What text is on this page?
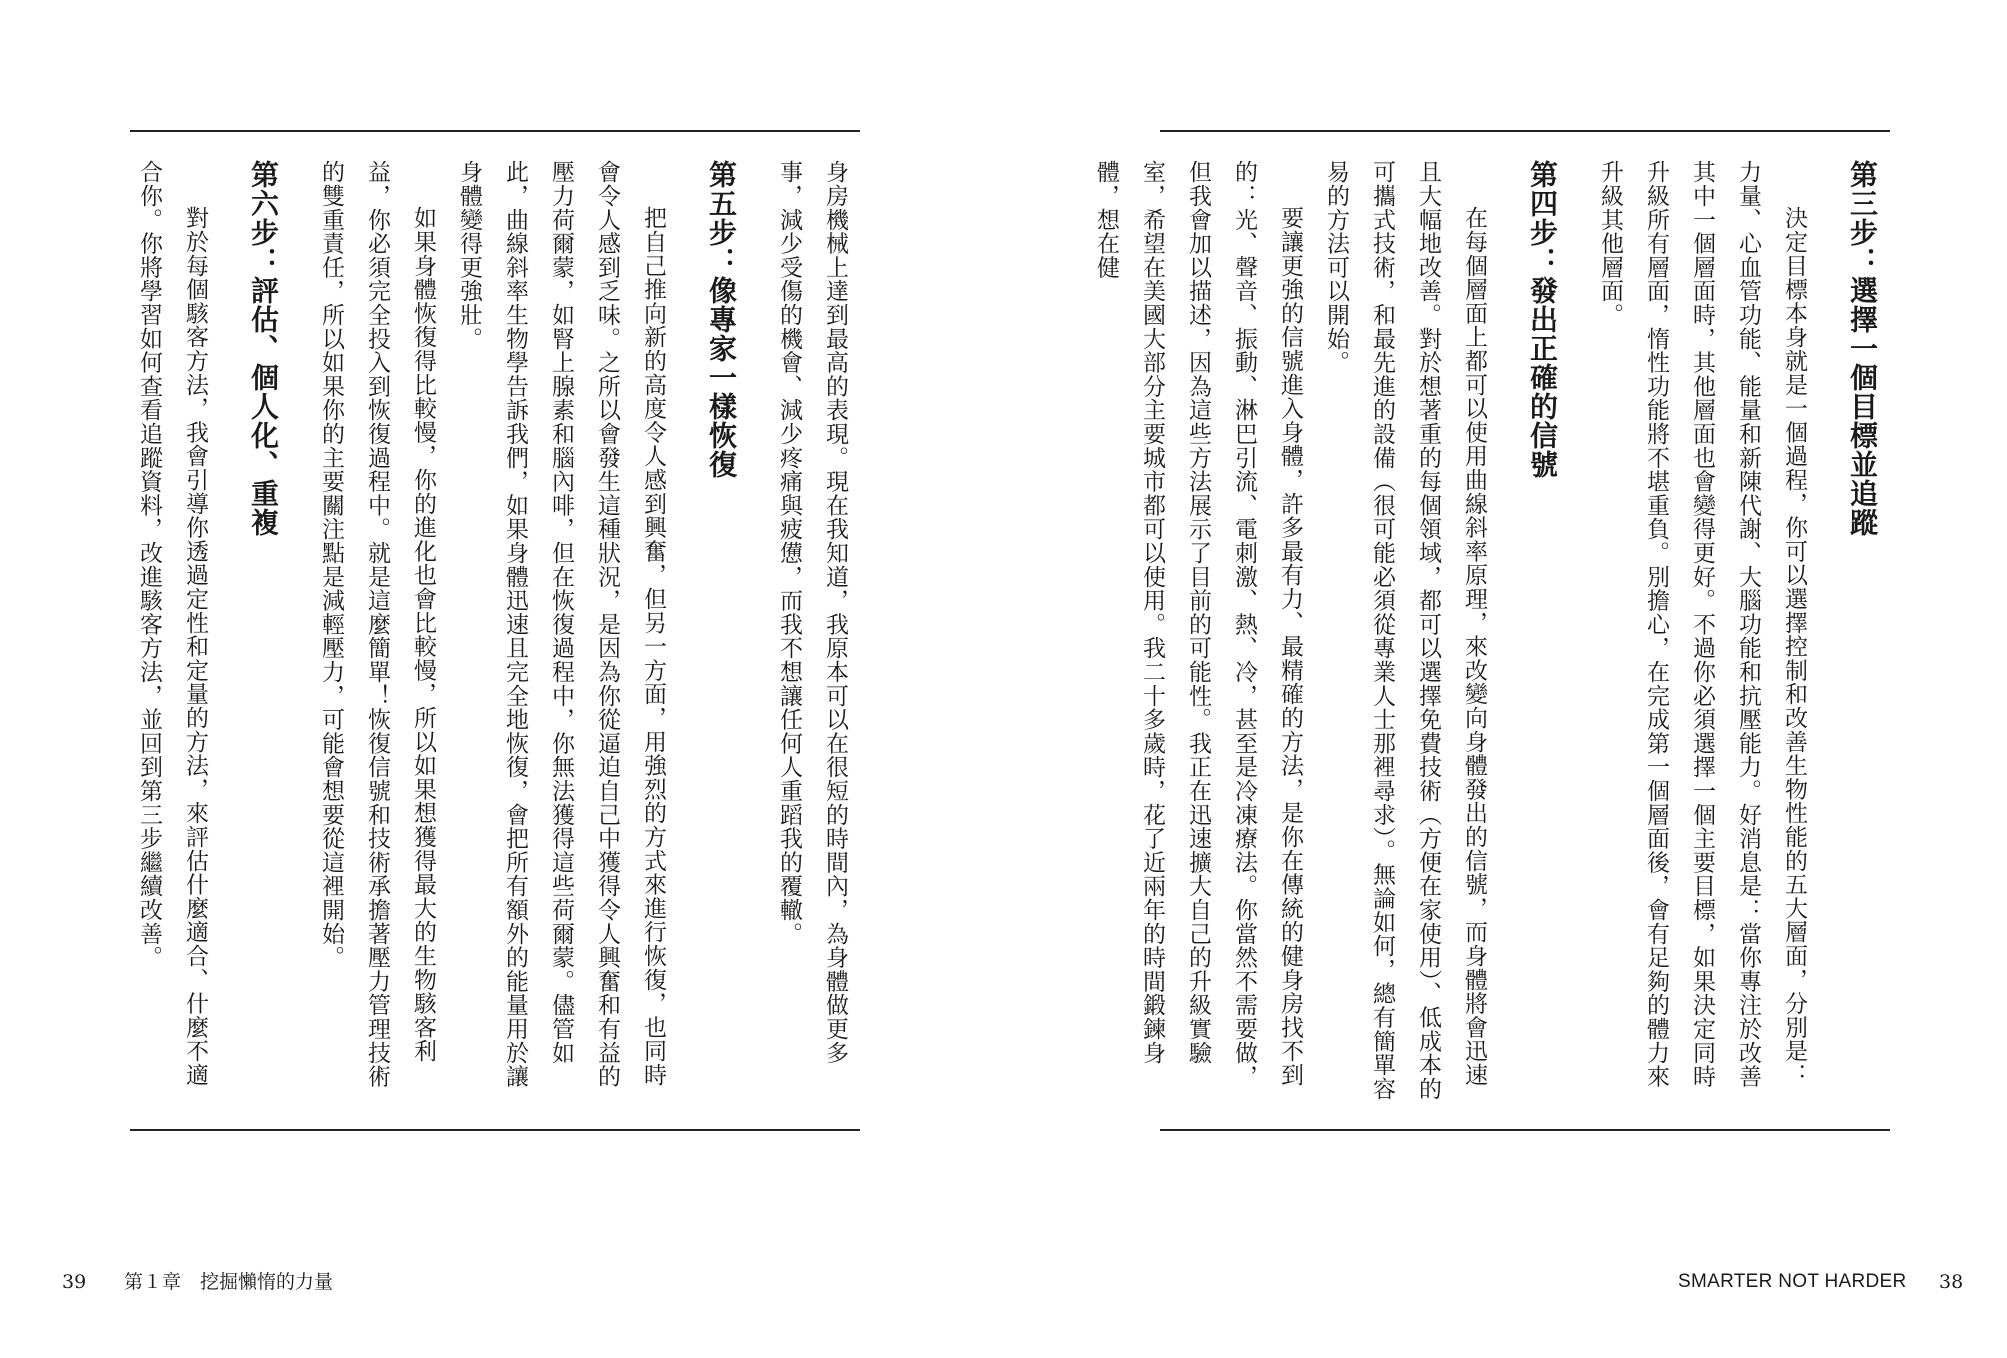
身房機械上達到最高的表現。現在我知道，我原本可以在很短的時間內，為身體做更多事，減少受傷的機會、減少疼痛與疲憊，而我不想讓任何人重蹈我的覆轍。

第五步：像專家一樣恢復

把自己推向新的高度令人感到興奮，但另一方面，用強烈的方式來進行恢復，也同時會令人感到乏味。之所以會發生這種狀況，是因為你從逼迫自己中獲得令人興奮和有益的壓力荷爾蒙，如腎上腺素和腦內啡，但在恢復過程中，你無法獲得這些荷爾蒙。儘管如此，曲線斜率生物學告訴我們，如果身體迅速且完全地恢復，會把所有額外的能量用於讓身體變得更強壯。

如果身體恢復得比較慢，你的進化也會比較慢，所以如果想獲得最大的生物駭客利益，你必須完全投入到恢復過程中。就是這麼簡單！恢復信號和技術承擔著壓力管理技術的雙重責任，所以如果你的主要關注點是減輕壓力，可能會想要從這裡開始。

第六步：評估、個人化、重複

對於每個駭客方法，我會引導你透過定性和定量的方法，來評估什麼適合、什麼不適合你。你將學習如何查看追蹤資料，改進駭客方法，並回到第三步繼續改善。

39 第１章　挖掘懶惰的力量
第三步：選擇一個目標並追蹤

決定目標本身就是一個過程，你可以選擇控制和改善生物性能的五大層面，分別是：力量、心血管功能、能量和新陳代謝、大腦功能和抗壓能力。好消息是：當你專注於改善其中一個層面時，其他層面也會變得更好。不過你必須選擇一個主要目標，如果決定同時升級所有層面，惰性功能將不堪重負。別擔心，在完成第一個層面後，會有足夠的體力來升級其他層面。

第四步：發出正確的信號

在每個層面上都可以使用曲線斜率原理，來改變向身體發出的信號，而身體將會迅速且大幅地改善。對於想著重的每個領域，都可以選擇免費技術（方便在家使用）、低成本的可攜式技術，和最先進的設備（很可能必須從專業人士那裡尋求）。無論如何，總有簡單容易的方法可以開始。

要讓更強的信號進入身體，許多最有力、最精確的方法，是你在傳統的健身房找不到的：光、聲音、振動、淋巴引流、電刺激、熱、冷，甚至是冷凍療法。你當然不需要做，但我會加以描述，因為這些方法展示了目前的可能性。我正在迅速擴大自己的升級實驗室，希望在美國大部分主要城市都可以使用。我二十多歲時，花了近兩年的時間鍛鍊身體，想在健

SMARTER NOT HARDER 38
